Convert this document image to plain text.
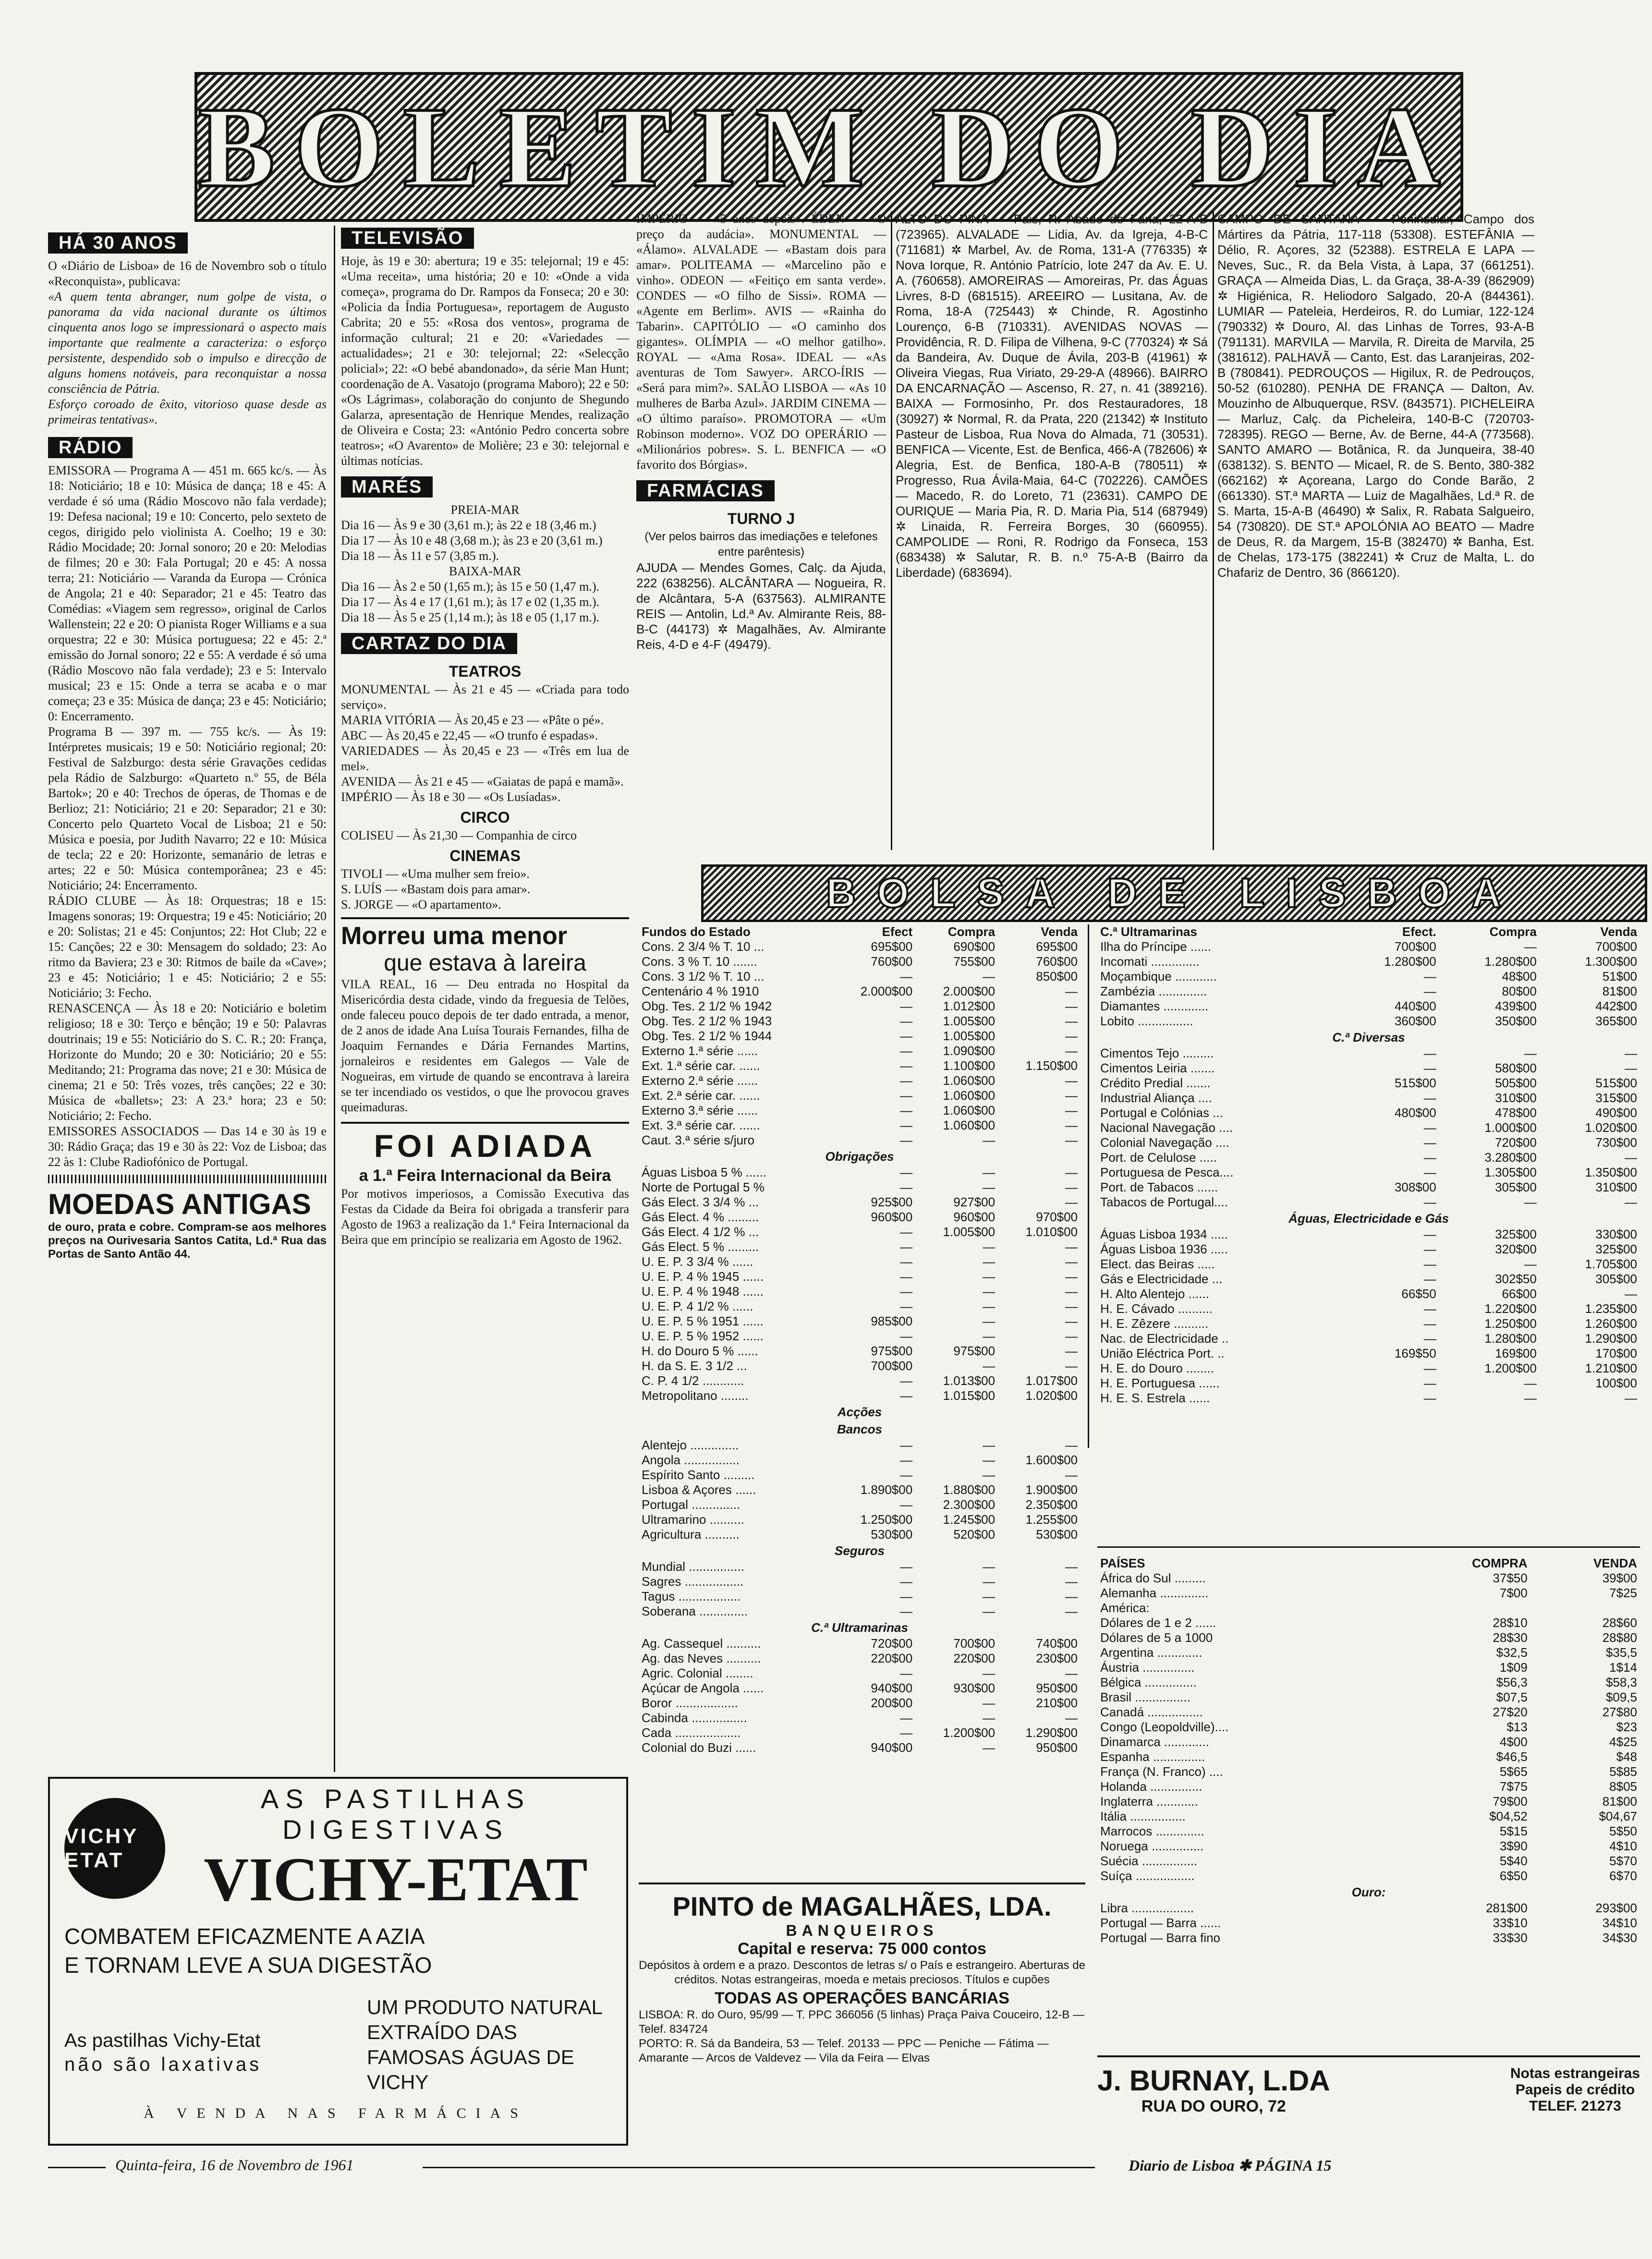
BOLETIM DO DIA
HÁ 30 ANOS

O «Diário de Lisboa» de 16 de Novembro sob o título «Reconquista», publicava:

«A quem tenta abranger, num golpe de vista, o panorama da vida nacional durante os últimos cinquenta anos logo se impressionará o aspecto mais importante que realmente a caracteriza: o esforço persistente, despendido sob o impulso e direcção de alguns homens notáveis, para reconquistar a nossa consciência de Pátria.

Esforço coroado de êxito, vitorioso quase desde as primeiras tentativas».

RÁDIO

EMISSORA — Programa A — 451 m. 665 kc/s. — Às 18: Noticiário; 18 e 10: Música de dança; 18 e 45: A verdade é só uma (Rádio Moscovo não fala verdade); 19: Defesa nacional; 19 e 10: Concerto, pelo sexteto de cegos, dirigido pelo violinista A. Coelho; 19 e 30: Rádio Mocidade; 20: Jornal sonoro; 20 e 20: Melodias de filmes; 20 e 30: Fala Portugal; 20 e 45: A nossa terra; 21: Noticiário — Varanda da Europa — Crónica de Angola; 21 e 40: Separador; 21 e 45: Teatro das Comédias: «Viagem sem regresso», original de Carlos Wallenstein; 22 e 20: O pianista Roger Williams e a sua orquestra; 22 e 30: Música portuguesa; 22 e 45: 2.ª emissão do Jornal sonoro; 22 e 55: A verdade é só uma (Rádio Moscovo não fala verdade); 23 e 5: Intervalo musical; 23 e 15: Onde a terra se acaba e o mar começa; 23 e 35: Música de dança; 23 e 45: Noticiário; 0: Encerramento.

Programa B — 397 m. — 755 kc/s. — Às 19: Intérpretes musicais; 19 e 50: Noticiário regional; 20: Festival de Salzburgo: desta série Gravações cedidas pela Rádio de Salzburgo: «Quarteto n.º 55, de Béla Bartok»; 20 e 40: Trechos de óperas, de Thomas e de Berlioz; 21: Noticiário; 21 e 20: Separador; 21 e 30: Concerto pelo Quarteto Vocal de Lisboa; 21 e 50: Música e poesia, por Judith Navarro; 22 e 10: Música de tecla; 22 e 20: Horizonte, semanário de letras e artes; 22 e 50: Música contemporânea; 23 e 45: Noticiário; 24: Encerramento.

RÁDIO CLUBE — Às 18: Orquestras; 18 e 15: Imagens sonoras; 19: Orquestra; 19 e 45: Noticiário; 20 e 20: Solistas; 21 e 45: Conjuntos; 22: Hot Club; 22 e 15: Canções; 22 e 30: Mensagem do soldado; 23: Ao ritmo da Baviera; 23 e 30: Ritmos de baile da «Cave»; 23 e 45: Noticiário; 1 e 45: Noticiário; 2 e 55: Noticiário; 3: Fecho.

RENASCENÇA — Às 18 e 20: Noticiário e boletim religioso; 18 e 30: Terço e bênção; 19 e 50: Palavras doutrinais; 19 e 55: Noticiário do S. C. R.; 20: França, Horizonte do Mundo; 20 e 30: Noticiário; 20 e 55: Meditando; 21: Programa das nove; 21 e 30: Música de cinema; 21 e 50: Três vozes, três canções; 22 e 30: Música de «ballets»; 23: A 23.ª hora; 23 e 50: Noticiário; 2: Fecho.

EMISSORES ASSOCIADOS — Das 14 e 30 às 19 e 30: Rádio Graça; das 19 e 30 às 22: Voz de Lisboa; das 22 às 1: Clube Radiofónico de Portugal.

MOEDAS ANTIGAS

de ouro, prata e cobre. Compram-se aos melhores preços na Ourivesaria Santos Catita, Ld.ª Rua das Portas de Santo Antão 44.

TELEVISÃO

Hoje, às 19 e 30: abertura; 19 e 35: telejornal; 19 e 45: «Uma receita», uma história; 20 e 10: «Onde a vida começa», programa do Dr. Rampos da Fonseca; 20 e 30: «Policia da Índia Portuguesa», reportagem de Augusto Cabrita; 20 e 55: «Rosa dos ventos», programa de informação cultural; 21 e 20: «Variedades — actualidades»; 21 e 30: telejornal; 22: «Selecção policial»; 22: «O bebé abandonado», da série Man Hunt; coordenação de A. Vasatojo (programa Maboro); 22 e 50: «Os Lágrimas», colaboração do conjunto de Shegundo Galarza, apresentação de Henrique Mendes, realização de Oliveira e Costa; 23: «António Pedro concerta sobre teatros»; «O Avarento» de Molière; 23 e 30: telejornal e últimas notícias.

MARÉS
PREIA-MAR

Dia 16 — Às 9 e 30 (3,61 m.); às 22 e 18 (3,46 m.)

Dia 17 — Às 10 e 48 (3,68 m.); às 23 e 20 (3,61 m.)

Dia 18 — Às 11 e 57 (3,85 m.).

BAIXA-MAR

Dia 16 — Às 2 e 50 (1,65 m.); às 15 e 50 (1,47 m.).

Dia 17 — Às 4 e 17 (1,61 m.); às 17 e 02 (1,35 m.).

Dia 18 — Às 5 e 25 (1,14 m.); às 18 e 05 (1,17 m.).

CARTAZ DO DIA
TEATROS

MONUMENTAL — Às 21 e 45 — «Criada para todo serviço».

MARIA VITÓRIA — Às 20,45 e 23 — «Pâte o pé».

ABC — Às 20,45 e 22,45 — «O trunfo é espadas».

VARIEDADES — Às 20,45 e 23 — «Três em lua de mel».

AVENIDA — Às 21 e 45 — «Gaiatas de papá e mamã».

IMPÉRIO — Às 18 e 30 — «Os Lusíadas».

CIRCO

COLISEU — Às 21,30 — Companhia de circo

CINEMAS

TIVOLI — «Uma mulher sem freio».

S. LUÍS — «Bastam dois para amar».

S. JORGE — «O apartamento».

Morreu uma menor
que estava à lareira

VILA REAL, 16 — Deu entrada no Hospital da Misericórdia desta cidade, vindo da freguesia de Telões, onde faleceu pouco depois de ter dado entrada, a menor, de 2 anos de idade Ana Luísa Tourais Fernandes, filha de Joaquim Fernandes e Dária Fernandes Martins, jornaleiros e residentes em Galegos — Vale de Nogueiras, em virtude de quando se encontrava à lareira se ter incendiado os vestidos, o que lhe provocou graves queimaduras.

FOI ADIADA
a 1.ª Feira Internacional da Beira

Por motivos imperiosos, a Comissão Executiva das Festas da Cidade da Beira foi obrigada a transferir para Agosto de 1963 a realização da 1.ª Feira Internacional da Beira que em princípio se realizaria em Agosto de 1962.

IMPÉRIO — «5 anos depois». ÉDEN — «O preço da audácia». MONUMENTAL — «Álamo». ALVALADE — «Bastam dois para amar». POLITEAMA — «Marcelino pão e vinho». ODEON — «Feitiço em santa verde». CONDES — «O filho de Sissi». ROMA — «Agente em Berlim». AVIS — «Rainha do Tabarin». CAPITÓLIO — «O caminho dos gigantes». OLÍMPIA — «O melhor gatilho». ROYAL — «Ama Rosa». IDEAL — «As aventuras de Tom Sawyer». ARCO-ÍRIS — «Será para mim?». SALÃO LISBOA — «As 10 mulheres de Barba Azul». JARDIM CINEMA — «O último paraíso». PROMOTORA — «Um Robinson moderno». VOZ DO OPERÁRIO — «Milionários pobres». S. L. BENFICA — «O favorito dos Bórgias».

FARMÁCIAS
TURNO J

(Ver pelos bairros das imediações e telefones entre parêntesis)

AJUDA — Mendes Gomes, Calç. da Ajuda, 222 (638256). ALCÂNTARA — Nogueira, R. de Alcântara, 5-A (637563). ALMIRANTE REIS — Antolin, Ld.ª Av. Almirante Reis, 88-B-C (44173) ✲ Magalhães, Av. Almirante Reis, 4-D e 4-F (49479).

ALTO DO PINA — Pais, R. Abade de Faria, 22-A-B (723965). ALVALADE — Lidia, Av. da Igreja, 4-B-C (711681) ✲ Marbel, Av. de Roma, 131-A (776335) ✲ Nova Iorque, R. António Patrício, lote 247 da Av. E. U. A. (760658). AMOREIRAS — Amoreiras, Pr. das Águas Livres, 8-D (681515). AREEIRO — Lusitana, Av. de Roma, 18-A (725443) ✲ Chinde, R. Agostinho Lourenço, 6-B (710331). AVENIDAS NOVAS — Providência, R. D. Filipa de Vilhena, 9-C (770324) ✲ Sá da Bandeira, Av. Duque de Ávila, 203-B (41961) ✲ Oliveira Viegas, Rua Viriato, 29-29-A (48966). BAIRRO DA ENCARNAÇÃO — Ascenso, R. 27, n. 41 (389216). BAIXA — Formosinho, Pr. dos Restauradores, 18 (30927) ✲ Normal, R. da Prata, 220 (21342) ✲ Instituto Pasteur de Lisboa, Rua Nova do Almada, 71 (30531). BENFICA — Vicente, Est. de Benfica, 466-A (782606) ✲ Alegria, Est. de Benfica, 180-A-B (780511) ✲ Progresso, Rua Ávila-Maia, 64-C (702226). CAMÕES — Macedo, R. do Loreto, 71 (23631). CAMPO DE OURIQUE — Maria Pia, R. D. Maria Pia, 514 (687949) ✲ Linaida, R. Ferreira Borges, 30 (660955). CAMPOLIDE — Roni, R. Rodrigo da Fonseca, 153 (683438) ✲ Salutar, R. B. n.º 75-A-B (Bairro da Liberdade) (683694).

CAMPO DE SANTANA — Peninsular, Campo dos Mártires da Pátria, 117-118 (53308). ESTEFÂNIA — Délio, R. Açores, 32 (52388). ESTRELA E LAPA — Neves, Suc., R. da Bela Vista, à Lapa, 37 (661251). GRAÇA — Almeida Dias, L. da Graça, 38-A-39 (862909) ✲ Higiénica, R. Heliodoro Salgado, 20-A (844361). LUMIAR — Pateleia, Herdeiros, R. do Lumiar, 122-124 (790332) ✲ Douro, Al. das Linhas de Torres, 93-A-B (791131). MARVILA — Marvila, R. Direita de Marvila, 25 (381612). PALHAVÃ — Canto, Est. das Laranjeiras, 202-B (780841). PEDROUÇOS — Higilux, R. de Pedrouços, 50-52 (610280). PENHA DE FRANÇA — Dalton, Av. Mouzinho de Albuquerque, RSV. (843571). PICHELEIRA — Marluz, Calç. da Picheleira, 140-B-C (720703-728395). REGO — Berne, Av. de Berne, 44-A (773568). SANTO AMARO — Botânica, R. da Junqueira, 38-40 (638132). S. BENTO — Micael, R. de S. Bento, 380-382 (662162) ✲ Açoreana, Largo do Conde Barão, 2 (661330). ST.ª MARTA — Luiz de Magalhães, Ld.ª R. de S. Marta, 15-A-B (46490) ✲ Salix, R. Rabata Salgueiro, 54 (730820). DE ST.ª APOLÓNIA AO BEATO — Madre de Deus, R. da Margem, 15-B (382470) ✲ Banha, Est. de Chelas, 173-175 (382241) ✲ Cruz de Malta, L. do Chafariz de Dentro, 36 (866120).

BOLSA DE LISBOA
Fundos do Estado	Efect	Compra	Venda
Cons. 2 3/4 % T. 10 ...	695$00	690$00	695$00
Cons. 3 % T. 10 .......	760$00	755$00	760$00
Cons. 3 1/2 % T. 10 ...	—	—	850$00
Centenário 4 % 1910	2.000$00	2.000$00	—
Obg. Tes. 2 1/2 % 1942	—	1.012$00	—
Obg. Tes. 2 1/2 % 1943	—	1.005$00	—
Obg. Tes. 2 1/2 % 1944	—	1.005$00	—
Externo 1.ª série ......	—	1.090$00	—
Ext. 1.ª série car. ......	—	1.100$00	1.150$00
Externo 2.ª série ......	—	1.060$00	—
Ext. 2.ª série car. ......	—	1.060$00	—
Externo 3.ª série ......	—	1.060$00	—
Ext. 3.ª série car. ......	—	1.060$00	—
Caut. 3.ª série s/juro	—	—	—
Obrigações			
Águas Lisboa 5 % ......	—	—	—
Norte de Portugal 5 %	—	—	—
Gás Elect. 3 3/4 % ...	925$00	927$00	—
Gás Elect. 4 % .........	960$00	960$00	970$00
Gás Elect. 4 1/2 % ...	—	1.005$00	1.010$00
Gás Elect. 5 % .........	—	—	—
U. E. P. 3 3/4 % ......	—	—	—
U. E. P. 4 % 1945 ......	—	—	—
U. E. P. 4 % 1948 ......	—	—	—
U. E. P. 4 1/2 % ......	—	—	—
U. E. P. 5 % 1951 ......	985$00	—	—
U. E. P. 5 % 1952 ......	—	—	—
H. do Douro 5 % ......	975$00	975$00	—
H. da S. E. 3 1/2 ...	700$00	—	—
C. P. 4 1/2 ............	—	1.013$00	1.017$00
Metropolitano ........	—	1.015$00	1.020$00
Acções			
Bancos			
Alentejo ..............	—	—	—
Angola ................	—	—	1.600$00
Espírito Santo .........	—	—	—
Lisboa & Açores ......	1.890$00	1.880$00	1.900$00
Portugal ..............	—	2.300$00	2.350$00
Ultramarino ..........	1.250$00	1.245$00	1.255$00
Agricultura ..........	530$00	520$00	530$00
Seguros			
Mundial ................	—	—	—
Sagres .................	—	—	—
Tagus ..................	—	—	—
Soberana ..............	—	—	—
C.ª Ultramarinas			
Ag. Cassequel ..........	720$00	700$00	740$00
Ag. das Neves ..........	220$00	220$00	230$00
Agric. Colonial ........	—	—	—
Açúcar de Angola ......	940$00	930$00	950$00
Boror ..................	200$00	—	210$00
Cabinda ................	—	—	—
Cada ...................	—	1.200$00	1.290$00
Colonial do Buzi ......	940$00	—	950$00
C.ª Ultramarinas	Efect.	Compra	Venda
Ilha do Príncipe ......	700$00	—	700$00
Incomati ..............	1.280$00	1.280$00	1.300$00
Moçambique ............	—	48$00	51$00
Zambézia ..............	—	80$00	81$00
Diamantes .............	440$00	439$00	442$00
Lobito ................	360$00	350$00	365$00
C.ª Diversas			
Cimentos Tejo .........	—	—	—
Cimentos Leiria .......	—	580$00	—
Crédito Predial .......	515$00	505$00	515$00
Industrial Aliança ....	—	310$00	315$00
Portugal e Colónias ...	480$00	478$00	490$00
Nacional Navegação ....	—	1.000$00	1.020$00
Colonial Navegação ....	—	720$00	730$00
Port. de Celulose .....	—	3.280$00	—
Portuguesa de Pesca....	—	1.305$00	1.350$00
Port. de Tabacos ......	308$00	305$00	310$00
Tabacos de Portugal....	—	—	—
Águas, Electricidade e Gás			
Águas Lisboa 1934 .....	—	325$00	330$00
Águas Lisboa 1936 .....	—	320$00	325$00
Elect. das Beiras .....	—	—	1.705$00
Gás e Electricidade ...	—	302$50	305$00
H. Alto Alentejo ......	66$50	66$00	—
H. E. Cávado ..........	—	1.220$00	1.235$00
H. E. Zêzere ..........	—	1.250$00	1.260$00
Nac. de Electricidade ..	—	1.280$00	1.290$00
União Eléctrica Port. ..	169$50	169$00	170$00
H. E. do Douro ........	—	1.200$00	1.210$00
H. E. Portuguesa ......	—	—	100$00
H. E. S. Estrela ......	—	—	—
PAÍSES	COMPRA	VENDA
África do Sul .........	37$50	39$00
Alemanha ..............	7$00	7$25
América:		
Dólares de 1 e 2 ......	28$10	28$60
Dólares de 5 a 1000	28$30	28$80
Argentina .............	$32,5	$35,5
Áustria ...............	1$09	1$14
Bélgica ...............	$56,3	$58,3
Brasil ................	$07,5	$09,5
Canadá ................	27$20	27$80
Congo (Leopoldville)....	$13	$23
Dinamarca .............	4$00	4$25
Espanha ...............	$46,5	$48
França (N. Franco) ....	5$65	5$85
Holanda ...............	7$75	8$05
Inglaterra ............	79$00	81$00
Itália ................	$04,52	$04,67
Marrocos ..............	5$15	5$50
Noruega ...............	3$90	4$10
Suécia ................	5$40	5$70
Suíça .................	6$50	6$70
Ouro:		
Libra ..................	281$00	293$00
Portugal — Barra ......	33$10	34$10
Portugal — Barra fino	33$30	34$30
PINTO de MAGALHÃES, LDA.
BANQUEIROS
Capital e reserva: 75 000 contos
Depósitos à ordem e a prazo. Descontos de letras s/ o País e estrangeiro. Aberturas de créditos. Notas estrangeiras, moeda e metais preciosos. Títulos e cupões
TODAS AS OPERAÇÕES BANCÁRIAS
LISBOA: R. do Ouro, 95/99 — T. PPC 366056 (5 linhas) Praça Paiva Couceiro, 12-B — Telef. 834724
PORTO: R. Sá da Bandeira, 53 — Telef. 20133 — PPC — Peniche — Fátima — Amarante — Arcos de Valdevez — Vila da Feira — Elvas
J. BURNAY, L.DA
RUA DO OURO, 72
Notas estrangeiras
Papeis de crédito
TELEF. 21273
VICHY ETAT
AS PASTILHAS
DIGESTIVAS
VICHY-ETAT
COMBATEM EFICAZMENTE A AZIA
E TORNAM LEVE A SUA DIGESTÃO
As pastilhas Vichy-Etat
não são laxativas
UM PRODUTO NATURAL
EXTRAÍDO DAS FAMOSAS ÁGUAS DE VICHY
À VENDA NAS FARMÁCIAS
Quinta-feira, 16 de Novembro de 1961	Diario de Lisboa ✱ PÁGINA 15
